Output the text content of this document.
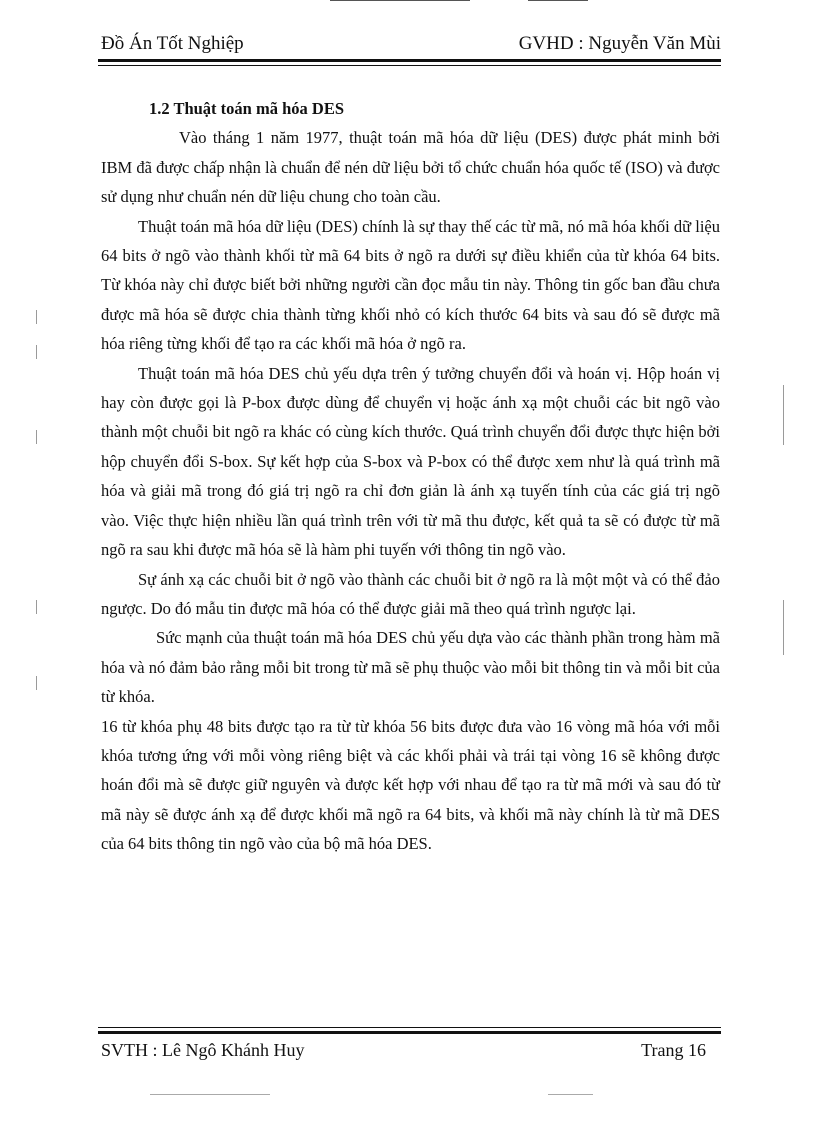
Đồ Án Tốt Nghiệp	GVHD : Nguyễn Văn Mùi

1.2 Thuật toán mã hóa DES

Vào tháng 1 năm 1977, thuật toán mã hóa dữ liệu (DES) được phát minh bởi IBM đã được chấp nhận là chuẩn để nén dữ liệu bởi tổ chức chuẩn hóa quốc tế (ISO) và được sử dụng như chuẩn nén dữ liệu chung cho toàn cầu.

Thuật toán mã hóa dữ liệu (DES) chính là sự thay thế các từ mã, nó mã hóa khối dữ liệu 64 bits ở ngõ vào thành khối từ mã 64 bits ở ngõ ra dưới sự điều khiển của từ khóa 64 bits. Từ khóa này chỉ được biết bởi những người cần đọc mẫu tin này. Thông tin gốc ban đầu chưa được mã hóa sẽ được chia thành từng khối nhỏ có kích thước 64 bits và sau đó sẽ được mã hóa riêng từng khối để tạo ra các khối mã hóa ở ngõ ra.

Thuật toán mã hóa DES chủ yếu dựa trên ý tưởng chuyển đổi và hoán vị. Hộp hoán vị hay còn được gọi là P-box được dùng để chuyển vị hoặc ánh xạ một chuỗi các bit ngõ vào thành một chuỗi bit ngõ ra khác có cùng kích thước. Quá trình chuyển đổi được thực hiện bởi hộp chuyển đổi S-box. Sự kết hợp của S-box và P-box có thể được xem như là quá trình mã hóa và giải mã trong đó giá trị ngõ ra chỉ đơn giản là ánh xạ tuyến tính của các giá trị ngõ vào. Việc thực hiện nhiều lần quá trình trên với từ mã thu được, kết quả ta sẽ có được từ mã ngõ ra sau khi được mã hóa sẽ là hàm phi tuyến với thông tin ngõ vào.

Sự ánh xạ các chuỗi bit ở ngõ vào thành các chuỗi bit ở ngõ ra là một một và có thể đảo ngược. Do đó mẫu tin được mã hóa có thể được giải mã theo quá trình ngược lại.

Sức mạnh của thuật toán mã hóa DES chủ yếu dựa vào các thành phần trong hàm mã hóa và nó đảm bảo rằng mỗi bit trong từ mã sẽ phụ thuộc vào mỗi bit thông tin và mỗi bit của từ khóa.

16 từ khóa phụ 48 bits được tạo ra từ từ khóa 56 bits được đưa vào 16 vòng mã hóa với mỗi khóa tương ứng với mỗi vòng riêng biệt và các khối phải và trái tại vòng 16 sẽ không được hoán đổi mà sẽ được giữ nguyên và được kết hợp với nhau để tạo ra từ mã mới và sau đó từ mã này sẽ được ánh xạ để được khối mã ngõ ra 64 bits, và khối mã này chính là từ mã DES của 64 bits thông tin ngõ vào của bộ mã hóa DES.

SVTH : Lê Ngô Khánh Huy	Trang 16
